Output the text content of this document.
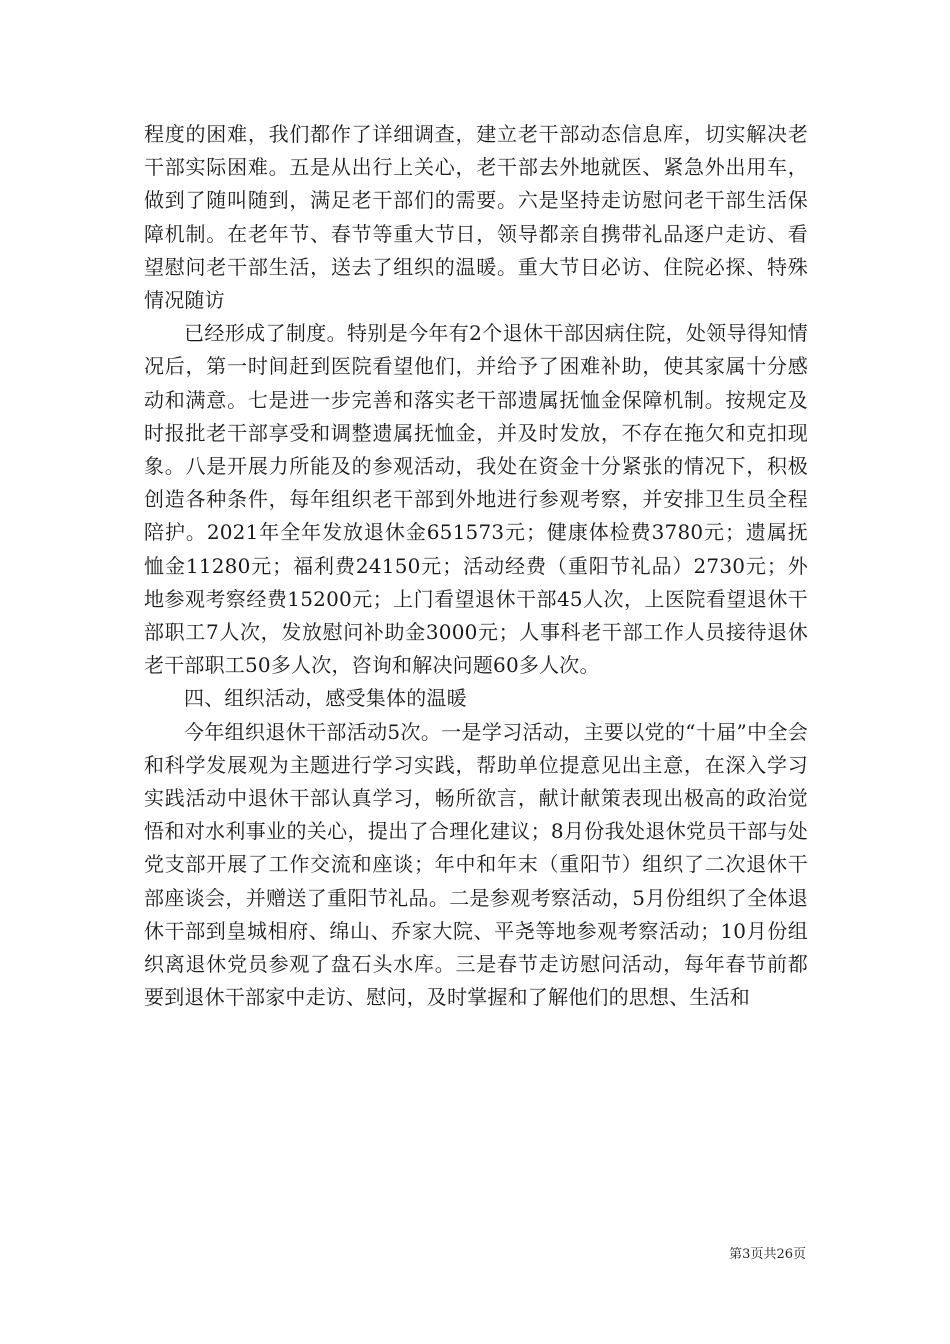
程度的困难，我们都作了详细调查，建立老干部动态信息库，切实解决老干部实际困难。五是从出行上关心，老干部去外地就医、紧急外出用车，做到了随叫随到，满足老干部们的需要。六是坚持走访慰问老干部生活保障机制。在老年节、春节等重大节日，领导都亲自携带礼品逐户走访、看望慰问老干部生活，送去了组织的温暖。重大节日必访、住院必探、特殊情况随访

已经形成了制度。特别是今年有2个退休干部因病住院，处领导得知情况后，第一时间赶到医院看望他们，并给予了困难补助，使其家属十分感动和满意。七是进一步完善和落实老干部遗属抚恤金保障机制。按规定及时报批老干部享受和调整遗属抚恤金，并及时发放，不存在拖欠和克扣现象。八是开展力所能及的参观活动，我处在资金十分紧张的情况下，积极创造各种条件，每年组织老干部到外地进行参观考察，并安排卫生员全程陪护。2021年全年发放退休金651573元；健康体检费3780元；遗属抚恤金11280元；福利费24150元；活动经费（重阳节礼品）2730元；外地参观考察经费15200元；上门看望退休干部45人次，上医院看望退休干部职工7人次，发放慰问补助金3000元；人事科老干部工作人员接待退休老干部职工50多人次，咨询和解决问题60多人次。

四、组织活动，感受集体的温暖

今年组织退休干部活动5次。一是学习活动，主要以党的“十届”中全会和科学发展观为主题进行学习实践，帮助单位提意见出主意，在深入学习实践活动中退休干部认真学习，畅所欲言，献计献策表现出极高的政治觉悟和对水利事业的关心，提出了合理化建议；8月份我处退休党员干部与处党支部开展了工作交流和座谈；年中和年末（重阳节）组织了二次退休干部座谈会，并赠送了重阳节礼品。二是参观考察活动，5月份组织了全体退休干部到皇城相府、绵山、乔家大院、平尧等地参观考察活动；10月份组织离退休党员参观了盘石头水库。三是春节走访慰问活动，每年春节前都要到退休干部家中走访、慰问，及时掌握和了解他们的思想、生活和

第3页共26页
